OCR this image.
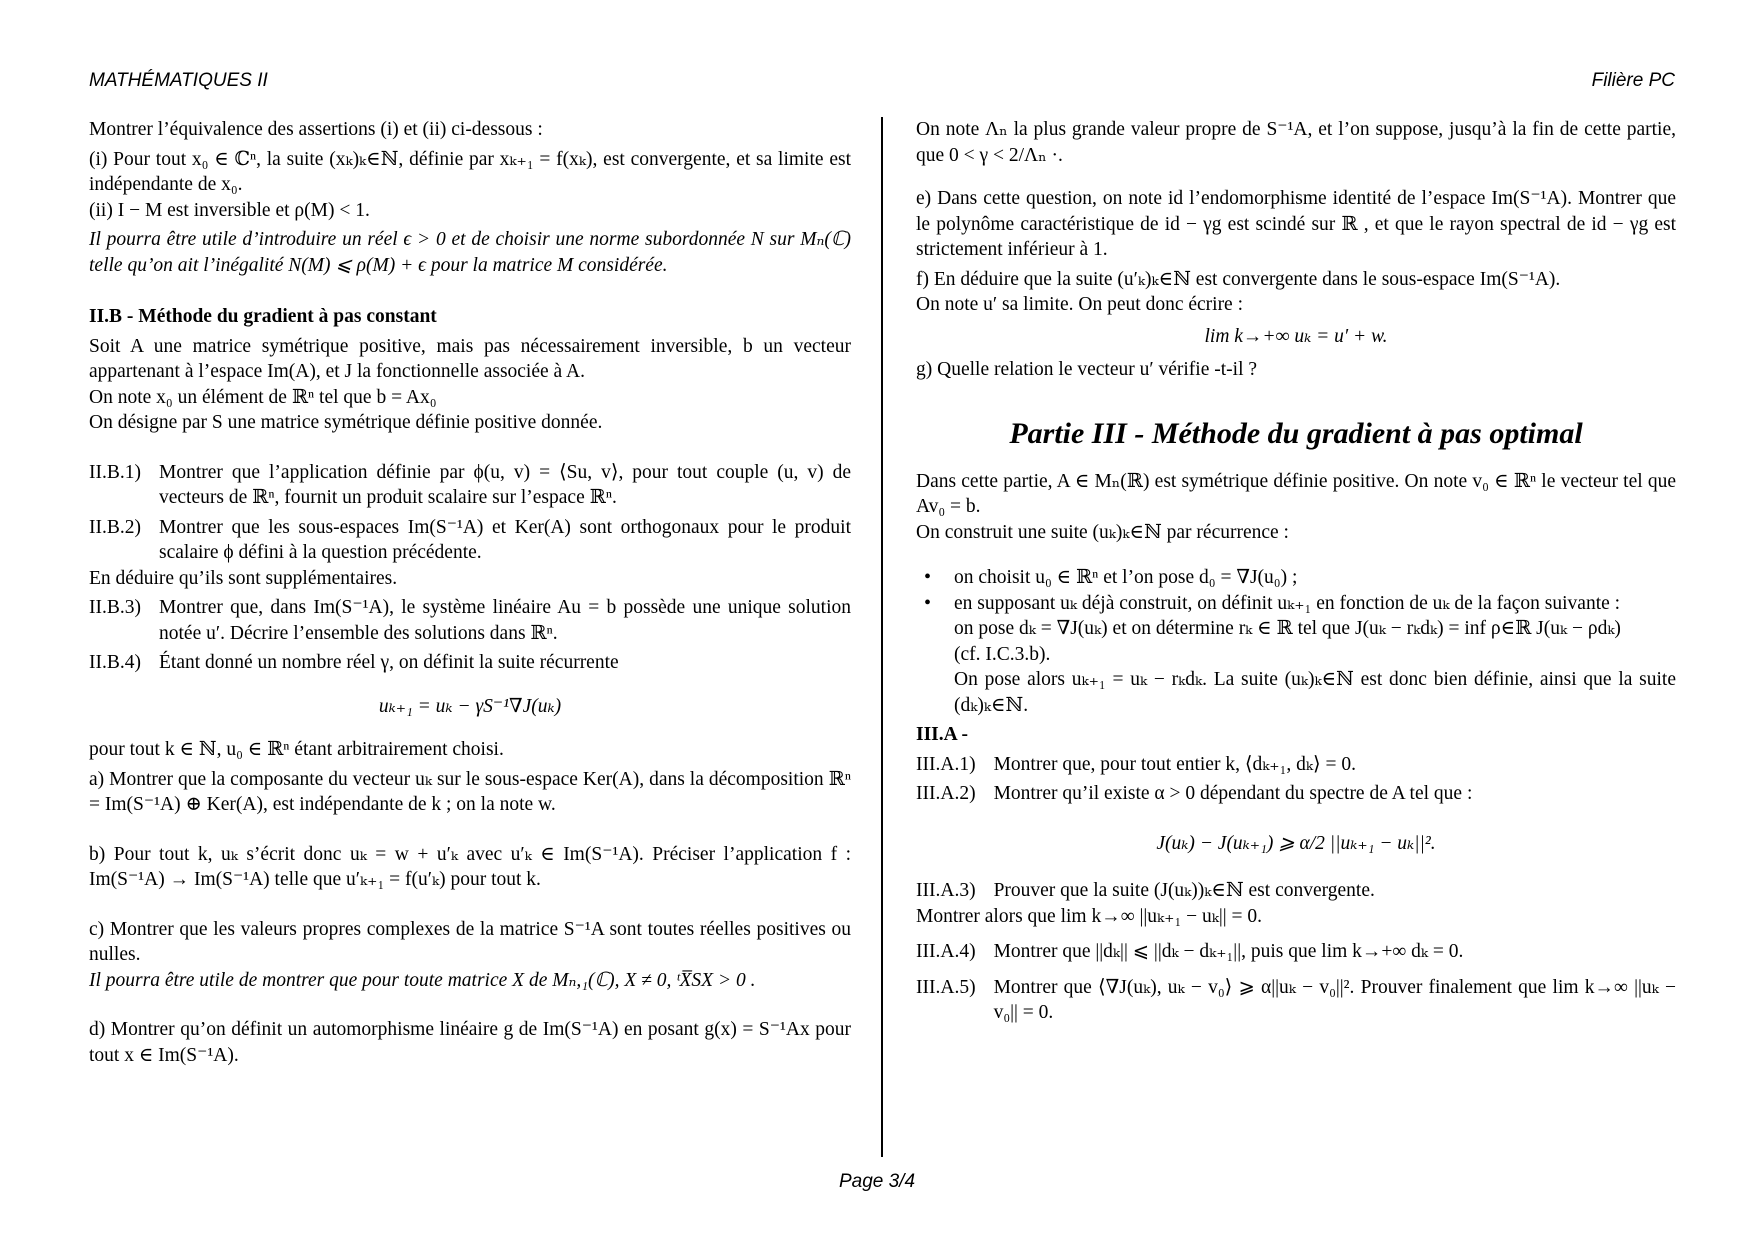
MATHÉMATIQUES II	Filière PC

Montrer l’équivalence des assertions (i) et (ii) ci-dessous :

(i) Pour tout x₀ ∈ ℂⁿ, la suite (xₖ)ₖ∈ℕ, définie par xₖ₊₁ = f(xₖ), est convergente, et sa limite est indépendante de x₀.

(ii) I − M est inversible et ρ(M) < 1.

Il pourra être utile d’introduire un réel ϵ > 0 et de choisir une norme subordonnée N sur Mₙ(ℂ) telle qu’on ait l’inégalité N(M) ⩽ ρ(M) + ϵ pour la matrice M considérée.

II.B - Méthode du gradient à pas constant

Soit A une matrice symétrique positive, mais pas nécessairement inversible, b un vecteur appartenant à l’espace Im(A), et J la fonctionnelle associée à A.

On note x₀ un élément de ℝⁿ tel que b = Ax₀

On désigne par S une matrice symétrique définie positive donnée.

II.B.1) Montrer que l’application définie par ϕ(u, v) = ⟨Su, v⟩, pour tout couple (u, v) de vecteurs de ℝⁿ, fournit un produit scalaire sur l’espace ℝⁿ.
II.B.2) Montrer que les sous-espaces Im(S⁻¹A) et Ker(A) sont orthogonaux pour le produit scalaire ϕ défini à la question précédente.

En déduire qu’ils sont supplémentaires.

II.B.3) Montrer que, dans Im(S⁻¹A), le système linéaire Au = b possède une unique solution notée u′. Décrire l’ensemble des solutions dans ℝⁿ.
II.B.4) Étant donné un nombre réel γ, on définit la suite récurrente

uₖ₊₁ = uₖ − γS⁻¹∇J(uₖ)

pour tout k ∈ ℕ, u₀ ∈ ℝⁿ étant arbitrairement choisi.

a) Montrer que la composante du vecteur uₖ sur le sous-espace Ker(A), dans la décomposition ℝⁿ = Im(S⁻¹A) ⊕ Ker(A), est indépendante de k ; on la note w.

b) Pour tout k, uₖ s’écrit donc uₖ = w + u′ₖ avec u′ₖ ∈ Im(S⁻¹A). Préciser l’application f : Im(S⁻¹A) → Im(S⁻¹A) telle que u′ₖ₊₁ = f(u′ₖ) pour tout k.

c) Montrer que les valeurs propres complexes de la matrice S⁻¹A sont toutes réelles positives ou nulles.

Il pourra être utile de montrer que pour toute matrice X de Mₙ,₁(ℂ), X ≠ 0, ᵗX̅SX > 0 .

d) Montrer qu’on définit un automorphisme linéaire g de Im(S⁻¹A) en posant g(x) = S⁻¹Ax pour tout x ∈ Im(S⁻¹A).

On note Λₙ la plus grande valeur propre de S⁻¹A, et l’on suppose, jusqu’à la fin de cette partie, que 0 < γ < 2/Λₙ ·.

e) Dans cette question, on note id l’endomorphisme identité de l’espace Im(S⁻¹A). Montrer que le polynôme caractéristique de id − γg est scindé sur ℝ , et que le rayon spectral de id − γg est strictement inférieur à 1.

f) En déduire que la suite (u′ₖ)ₖ∈ℕ est convergente dans le sous-espace Im(S⁻¹A).

On note u′ sa limite. On peut donc écrire :

lim k→+∞ uₖ = u′ + w.

g) Quelle relation le vecteur u′ vérifie -t-il ?

Partie III - Méthode du gradient à pas optimal

Dans cette partie, A ∈ Mₙ(ℝ) est symétrique définie positive. On note v₀ ∈ ℝⁿ le vecteur tel que Av₀ = b.

On construit une suite (uₖ)ₖ∈ℕ par récurrence :

• on choisit u₀ ∈ ℝⁿ et l’on pose d₀ = ∇J(u₀) ;

• en supposant uₖ déjà construit, on définit uₖ₊₁ en fonction de uₖ de la façon suivante :

on pose dₖ = ∇J(uₖ) et on détermine rₖ ∈ ℝ tel que J(uₖ − rₖdₖ) = inf ρ∈ℝ J(uₖ − ρdₖ)

(cf. I.C.3.b).

On pose alors uₖ₊₁ = uₖ − rₖdₖ. La suite (uₖ)ₖ∈ℕ est donc bien définie, ainsi que la suite (dₖ)ₖ∈ℕ.

III.A -

III.A.1) Montrer que, pour tout entier k, ⟨dₖ₊₁, dₖ⟩ = 0.
III.A.2) Montrer qu’il existe α > 0 dépendant du spectre de A tel que :

J(uₖ) − J(uₖ₊₁) ⩾ α/2 ||uₖ₊₁ − uₖ||².

III.A.3) Prouver que la suite (J(uₖ))ₖ∈ℕ est convergente.

Montrer alors que lim k→∞ ||uₖ₊₁ − uₖ|| = 0.

III.A.4) Montrer que ||dₖ|| ⩽ ||dₖ − dₖ₊₁||, puis que lim k→+∞ dₖ = 0.
III.A.5) Montrer que ⟨∇J(uₖ), uₖ − v₀⟩ ⩾ α||uₖ − v₀||². Prouver finalement que lim k→∞ ||uₖ − v₀|| = 0.
Page 3/4
